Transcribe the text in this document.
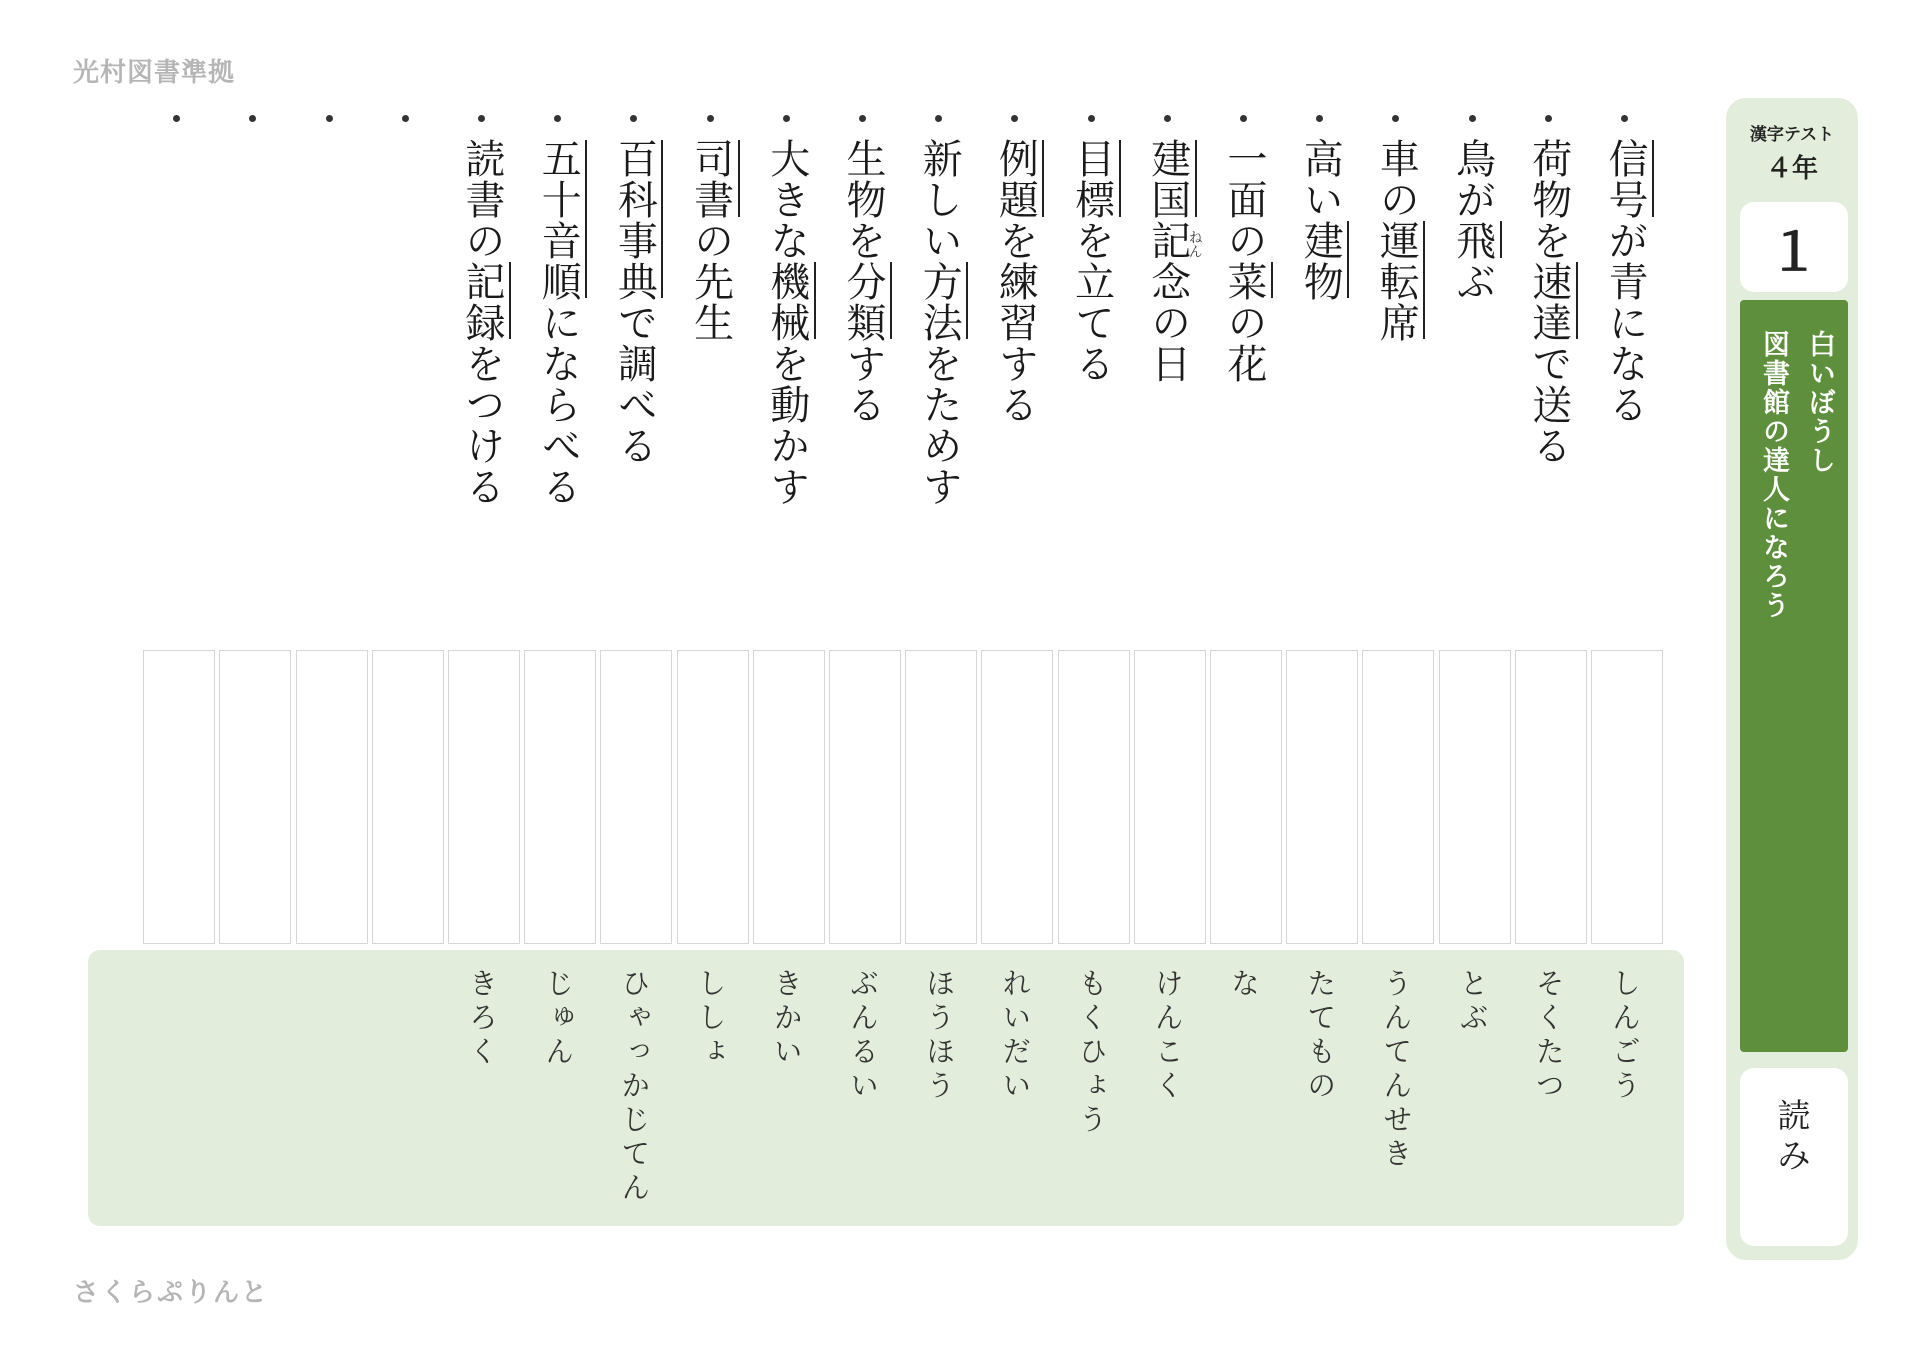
光村図書準拠
信号が青になる
荷物を速達で送る
鳥が飛ぶ
車の運転席
高い建物
一面の菜の花
建国記念の日
ねん
目標を立てる
例題を練習する
新しい方法をためす
生物を分類する
大きな機械を動かす
司書の先生
百科事典で調べる
五十音順にならべる
読書の記録をつける
しんごう
そくたつ
とぶ
うんてんせき
たてもの
な
けんこく
もくひょう
れいだい
ほうほう
ぶんるい
きかい
ししょ
ひゃっかじてん
じゅん
きろく
さくらぷりんと
漢字テスト
４年
１
白いぼうし
図書館の達人になろう
読
み
